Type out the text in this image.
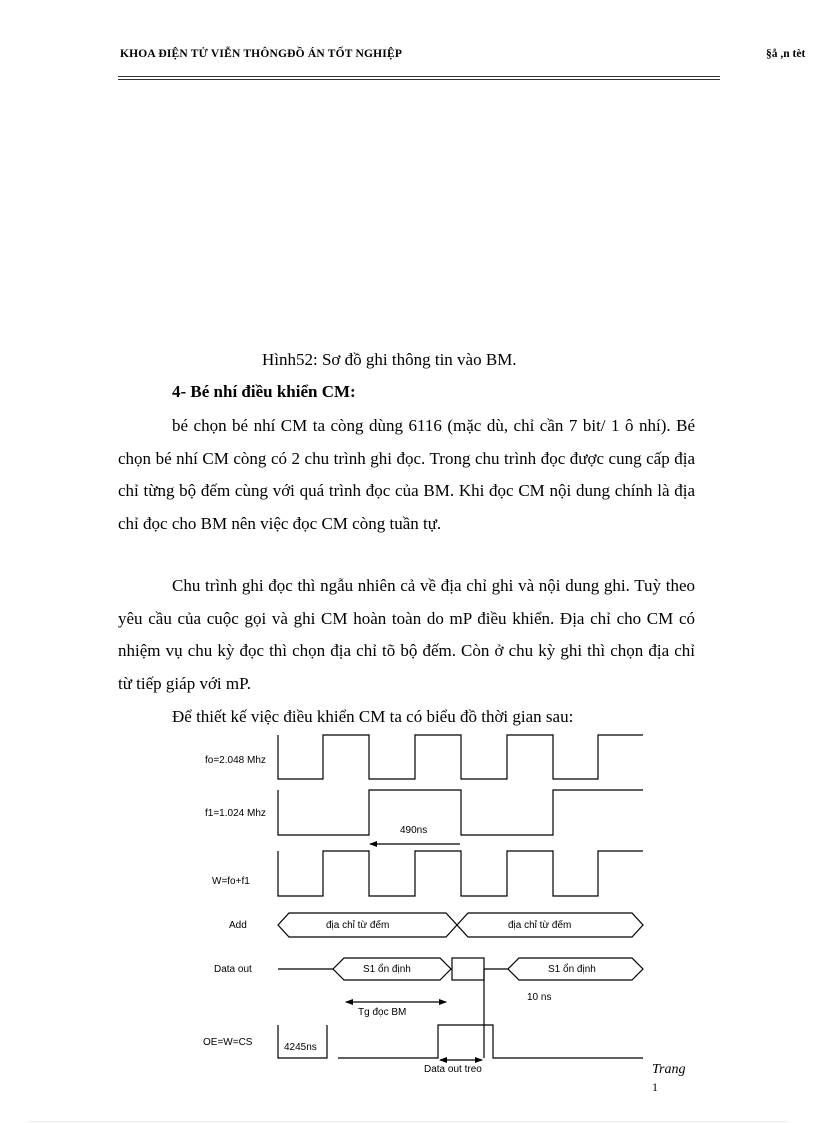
KHOA ĐIỆN TỬ VIỄN THÔNGĐỒ ÁN TỐT NGHIỆP	§å ,n tèt
Hình52: Sơ đồ ghi thông tin vào BM.
4- Bé nhí điều khiển CM:

bé chọn bé nhí CM ta còng dùng 6116 (mặc dù, chỉ cần 7 bit/ 1 ô nhí). Bé chọn bé nhí CM còng có 2 chu trình ghi đọc. Trong chu trình đọc được cung cấp địa chỉ từng bộ đếm cùng với quá trình đọc của BM. Khi đọc CM nội dung chính là địa chỉ đọc cho BM nên việc đọc CM còng tuần tự.

Chu trình ghi đọc thì ngẫu nhiên cả về địa chỉ ghi và nội dung ghi. Tuỳ theo yêu cầu của cuộc gọi và ghi CM hoàn toàn do mP điều khiển. Địa chỉ cho CM có nhiệm vụ chu kỳ đọc thì chọn địa chỉ tõ bộ đếm. Còn ở chu kỳ ghi thì chọn địa chỉ từ tiếp giáp với mP.

Để thiết kế việc điều khiển CM ta có biểu đồ thời gian sau:

fo=2.048 Mhz
f1=1.024 Mhz
W=fo+f1
Add
Data out
OE=W=CS
490ns
địa chỉ từ đếm	địa chỉ từ đếm
S1 ổn định	S1 ổn định
10 ns
Tg đọc BM
4245ns
Data out treo	Trang
1
